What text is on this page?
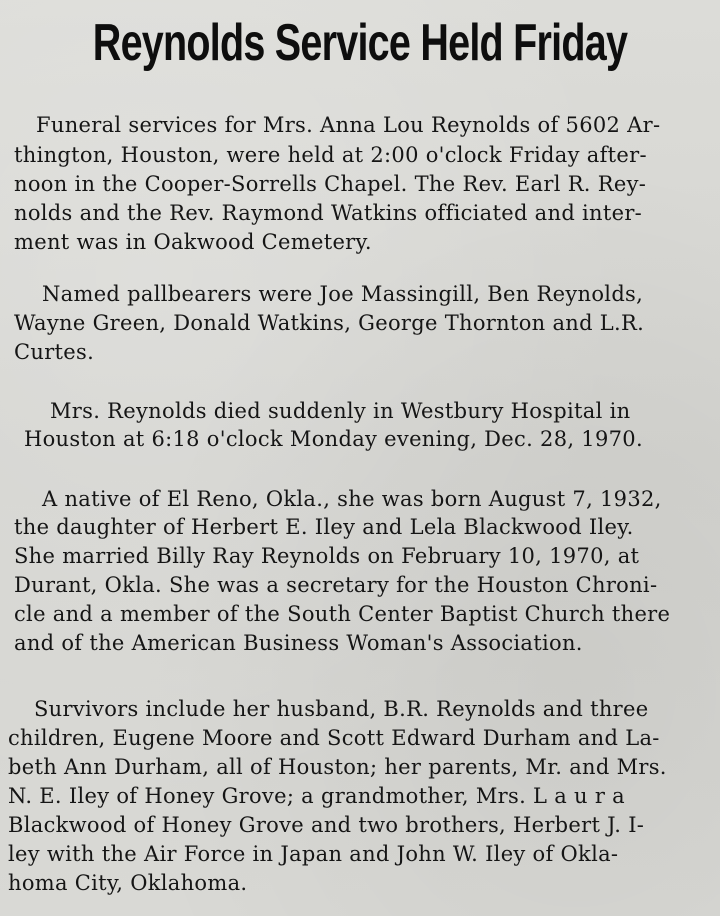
Reynolds Service Held Friday
Funeral services for Mrs. Anna Lou Reynolds of 5602 Ar-
thington, Houston, were held at 2:00 o'clock Friday after-
noon in the Cooper-Sorrells Chapel. The Rev. Earl R. Rey-
nolds and the Rev. Raymond Watkins officiated and inter-
ment was in Oakwood Cemetery.
Named pallbearers were Joe Massingill, Ben Reynolds,
Wayne Green, Donald Watkins, George Thornton and L.R.
Curtes.
Mrs. Reynolds died suddenly in Westbury Hospital in
Houston at 6:18 o'clock Monday evening, Dec. 28, 1970.
A native of El Reno, Okla., she was born August 7, 1932,
the daughter of Herbert E. Iley and Lela Blackwood Iley.
She married Billy Ray Reynolds on February 10, 1970, at
Durant, Okla. She was a secretary for the Houston Chroni-
cle and a member of the South Center Baptist Church there
and of the American Business Woman's Association.
Survivors include her husband, B.R. Reynolds and three
children, Eugene Moore and Scott Edward Durham and La-
beth Ann Durham, all of Houston; her parents, Mr. and Mrs.
N. E. Iley of Honey Grove; a grandmother, Mrs. L a u r a
Blackwood of Honey Grove and two brothers, Herbert J. I-
ley with the Air Force in Japan and John W. Iley of Okla-
homa City, Oklahoma.
